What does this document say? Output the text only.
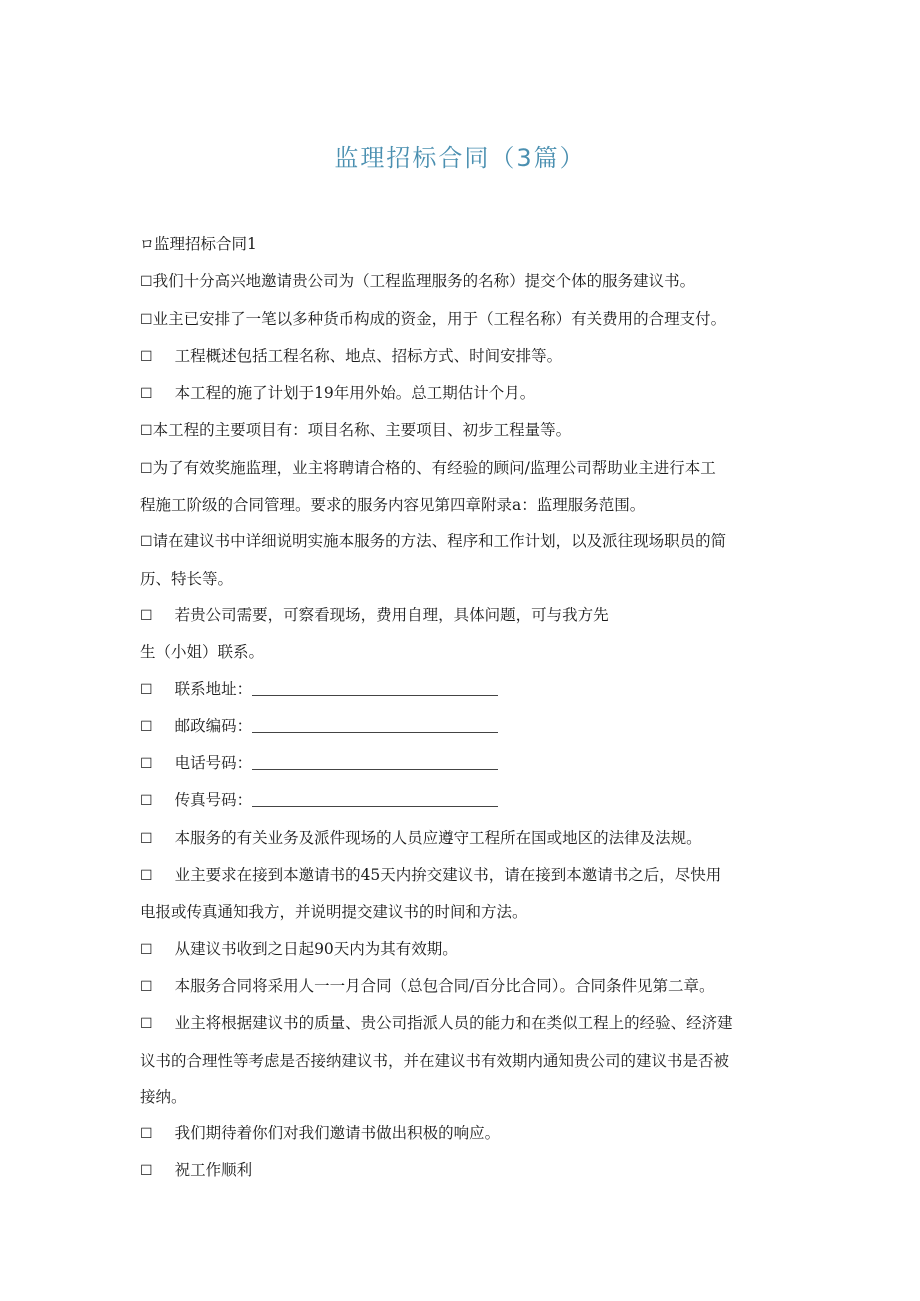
监理招标合同（3篇）
ロ监理招标合同1
☐我们十分高兴地邀请贵公司为（工程监理服务的名称）提交个体的服务建议书。
☐业主已安排了一笔以多种货币构成的资金，用于（工程名称）有关费用的合理支付。
☐ 工程概述包括工程名称、地点、招标方式、时间安排等。
☐ 本工程的施了计划于19年用外始。总工期估计个月。
☐本工程的主要项目有：项目名称、主要项目、初步工程量等。
☐为了有效奖施监理，业主将聘请合格的、有经验的顾问/监理公司帮助业主进行本工
程施工阶级的合同管理。要求的服务内容见第四章附录a：监理服务范围。
☐请在建议书中详细说明实施本服务的方法、程序和工作计划，以及派往现场职员的简
历、特长等。
☐ 若贵公司需要，可察看现场，费用自理，具体问题，可与我方先
生（小姐）联系。
☐ 联系地址：
☐ 邮政编码：
☐ 电话号码：
☐ 传真号码：
☐ 本服务的有关业务及派件现场的人员应遵守工程所在国或地区的法律及法规。
☐ 业主要求在接到本邀请书的45天内拚交建议书，请在接到本邀请书之后，尽快用
电报或传真通知我方，并说明提交建议书的时间和方法。
☐ 从建议书收到之日起90天内为其有效期。
☐ 本服务合同将采用人一一月合同（总包合同/百分比合同）。合同条件见第二章。
☐ 业主将根据建议书的质量、贵公司指派人员的能力和在类似工程上的经验、经济建
议书的合理性等考虑是否接纳建议书，并在建议书有效期内通知贵公司的建议书是否被
接纳。
☐ 我们期待着你们对我们邀请书做出积极的响应。
☐ 祝工作顺利
